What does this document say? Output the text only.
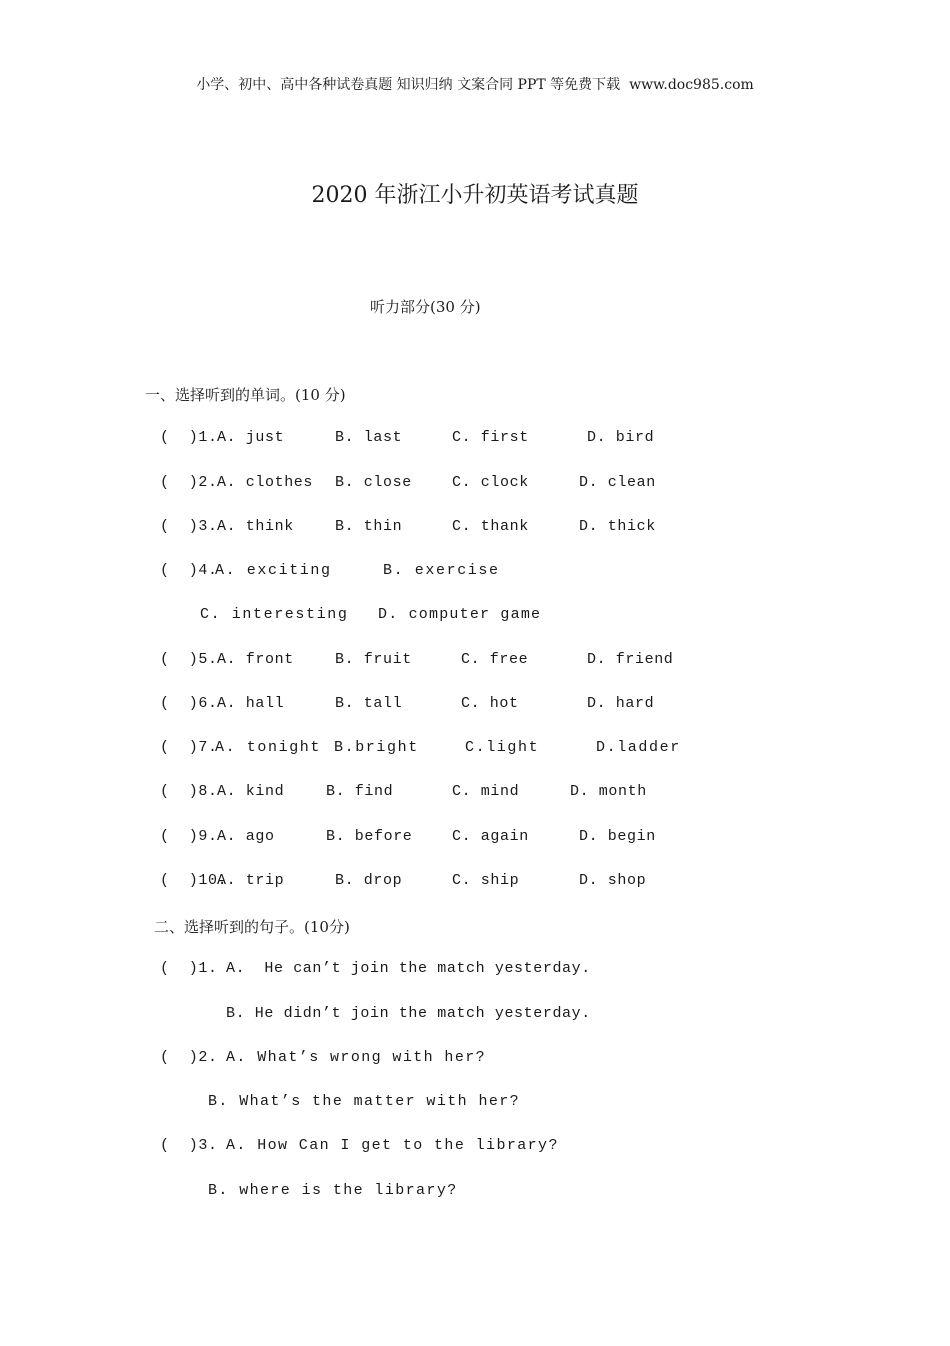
小学、初中、高中各种试卷真题 知识归纳 文案合同 PPT 等免费下载  www.doc985.com
2020 年浙江小升初英语考试真题
听力部分(30 分)
一、选择听到的单词。(10 分)

(  )1.

A. just

	B. last

	C. first

	D. bird

(  )2.

A. clothes

B. close

	C. clock

	D. clean

(  )3.

A. think

	B. thin

	C. thank

	D. thick

(  )4.

A. exciting

	B. exercise

C. interesting

D. computer game

(  )5.

A. front

	B. fruit

	C. free

	D. friend

(  )6.

A. hall

	B. tall

	C. hot

	D. hard

(  )7.

A. tonight

B.bright

	C.light

	D.ladder

(  )8.

A. kind

	B. find

	C. mind

	D. month

(  )9.

A. ago

	B. before

	C. again

	D. begin

(  )10.

A. trip

	B. drop

	C. ship

	D. shop

二、选择听到的句子。(10分)

(  )1.

A.  He can’t join the match yesterday.

B. He didn’t join the match yesterday.

(  )2.

A. What’s wrong with her?

B. What’s the matter with her?

(  )3.

A. How Can I get to the library?

B. where is the library?
